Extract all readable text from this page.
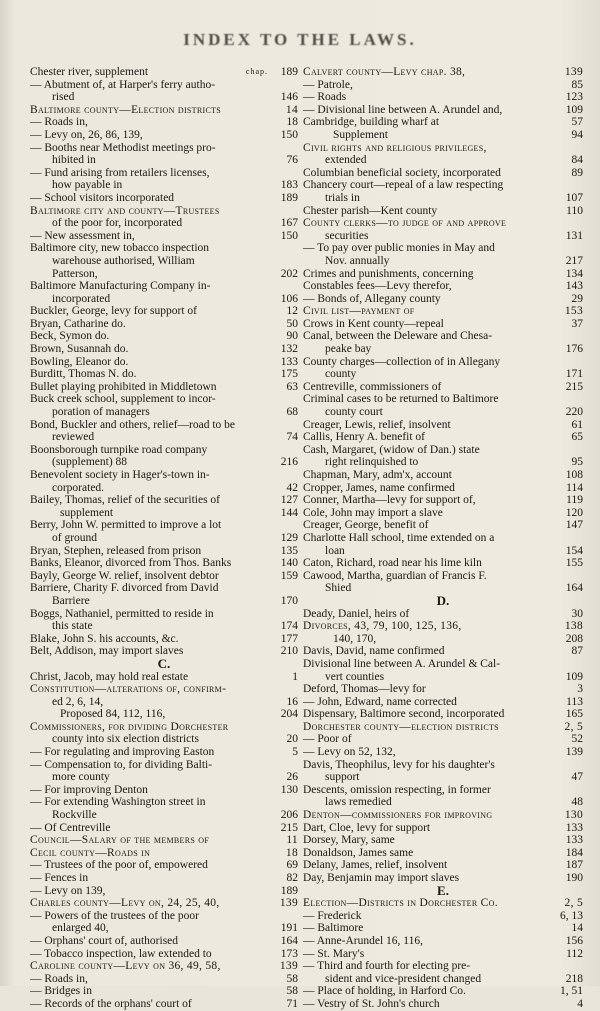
INDEX TO THE LAWS.
Chester river, supplement	189
chap.
— Abutment of, at Harper's ferry autho-
rised	146
Baltimore county—Election districts	14
— Roads in,	18
— Levy on, 26, 86, 139,	150
— Booths near Methodist meetings pro-
hibited in	76
— Fund arising from retailers licenses,
how payable in	183
— School visitors incorporated	189
Baltimore city and county—Trustees
of the poor for, incorporated	167
— New assessment in,	150
Baltimore city, new tobacco inspection
warehouse authorised, William
Patterson,	202
Baltimore Manufacturing Company in-
incorporated	106
Buckler, George, levy for support of	12
Bryan, Catharine do.	50
Beck, Symon do.	90
Brown, Susannah do.	132
Bowling, Eleanor do.	133
Burditt, Thomas N. do.	175
Bullet playing prohibited in Middletown	63
Buck creek school, supplement to incor-
poration of managers	68
Bond, Buckler and others, relief—road to be
reviewed	74
Boonsborough turnpike road company
(supplement) 88	216
Benevolent society in Hager's-town in-
corporated.	42
Bailey, Thomas, relief of the securities of	127
supplement	144
Berry, John W. permitted to improve a lot
of ground	129
Bryan, Stephen, released from prison	135
Banks, Eleanor, divorced from Thos. Banks	140
Bayly, George W. relief, insolvent debtor	159
Barriere, Charity F. divorced from David
Barriere	170
Boggs, Nathaniel, permitted to reside in
this state	174
Blake, John S. his accounts, &c.	177
Belt, Addison, may import slaves	210
C.
Christ, Jacob, may hold real estate	1
Constitution—alterations of, confirm-
ed 2, 6, 14,	16
Proposed 84, 112, 116,	204
Commissioners, for dividing Dorchester
county into six election districts	20
— For regulating and improving Easton	5
— Compensation to, for dividing Balti-
more county	26
— For improving Denton	130
— For extending Washington street in
Rockville	206
— Of Centreville	215
Council—Salary of the members of	11
Cecil county—Roads in	18
— Trustees of the poor of, empowered	69
— Fences in	82
— Levy on 139,	189
Charles county—Levy on, 24, 25, 40,	139
— Powers of the trustees of the poor
enlarged 40,	191
— Orphans' court of, authorised	164
— Tobacco inspection, law extended to	173
Caroline county—Levy on 36, 49, 58,	139
— Roads in,	58
— Bridges in	58
— Records of the orphans' court of	71
Calvert county—Levy chap. 38,	139
— Patrole,	85
— Roads	123
— Divisional line between A. Arundel and,	109
Cambridge, building wharf at	57
Supplement	94
Civil rights and religious privileges,
extended	84
Columbian beneficial society, incorporated	89
Chancery court—repeal of a law respecting
trials in	107
Chester parish—Kent county	110
County clerks—to judge of and approve
securities	131
— To pay over public monies in May and
Nov. annually	217
Crimes and punishments, concerning	134
Constables fees—Levy therefor,	143
— Bonds of, Allegany county	29
Civil list—payment of	153
Crows in Kent county—repeal	37
Canal, between the Deleware and Chesa-
peake bay	176
County charges—collection of in Allegany
county	171
Centreville, commissioners of	215
Criminal cases to be returned to Baltimore
county court	220
Creager, Lewis, relief, insolvent	61
Callis, Henry A. benefit of	65
Cash, Margaret, (widow of Dan.) state
right relinquished to	95
Chapman, Mary, adm'x, account	108
Cropper, James, name confirmed	114
Conner, Martha—levy for support of,	119
Cole, John may import a slave	120
Creager, George, benefit of	147
Charlotte Hall school, time extended on a
loan	154
Caton, Richard, road near his lime kiln	155
Cawood, Martha, guardian of Francis F.
Shied	164
D.
Deady, Daniel, heirs of	30
Divorces, 43, 79, 100, 125, 136,	138
140, 170,	208
Davis, David, name confirmed	87
Divisional line between A. Arundel & Cal-
vert counties	109
Deford, Thomas—levy for	3
— John, Edward, name corrected	113
Dispensary, Baltimore second, incorporated	165
Dorchester county—election districts	2, 5
— Poor of	52
— Levy on 52, 132,	139
Davis, Theophilus, levy for his daughter's
support	47
Descents, omission respecting, in former
laws remedied	48
Denton—commissioners for improving	130
Dart, Cloe, levy for support	133
Dorsey, Mary, same	133
Donaldson, James same	184
Delany, James, relief, insolvent	187
Day, Benjamin may import slaves	190
E.
Election—Districts in Dorchester Co.	2, 5
— Frederick	6, 13
— Baltimore	14
— Anne-Arundel 16, 116,	156
— St. Mary's	112
— Third and fourth for electing pre-
sident and vice-president changed	218
— Place of holding, in Harford Co.	1, 51
— Vestry of St. John's church	4
